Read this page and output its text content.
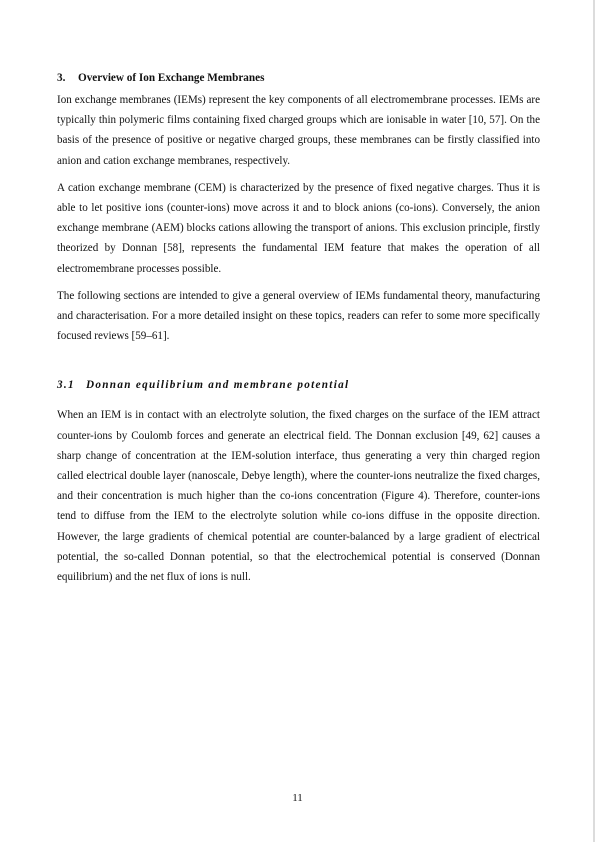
3. Overview of Ion Exchange Membranes

Ion exchange membranes (IEMs) represent the key components of all electromembrane processes. IEMs are typically thin polymeric films containing fixed charged groups which are ionisable in water [10, 57]. On the basis of the presence of positive or negative charged groups, these membranes can be firstly classified into anion and cation exchange membranes, respectively.

A cation exchange membrane (CEM) is characterized by the presence of fixed negative charges. Thus it is able to let positive ions (counter-ions) move across it and to block anions (co-ions). Conversely, the anion exchange membrane (AEM) blocks cations allowing the transport of anions. This exclusion principle, firstly theorized by Donnan [58], represents the fundamental IEM feature that makes the operation of all electromembrane processes possible.

The following sections are intended to give a general overview of IEMs fundamental theory, manufacturing and characterisation. For a more detailed insight on these topics, readers can refer to some more specifically focused reviews [59–61].

3.1 Donnan equilibrium and membrane potential

When an IEM is in contact with an electrolyte solution, the fixed charges on the surface of the IEM attract counter-ions by Coulomb forces and generate an electrical field. The Donnan exclusion [49, 62] causes a sharp change of concentration at the IEM-solution interface, thus generating a very thin charged region called electrical double layer (nanoscale, Debye length), where the counter-ions neutralize the fixed charges, and their concentration is much higher than the co-ions concentration (Figure 4). Therefore, counter-ions tend to diffuse from the IEM to the electrolyte solution while co-ions diffuse in the opposite direction. However, the large gradients of chemical potential are counter-balanced by a large gradient of electrical potential, the so-called Donnan potential, so that the electrochemical potential is conserved (Donnan equilibrium) and the net flux of ions is null.

11
